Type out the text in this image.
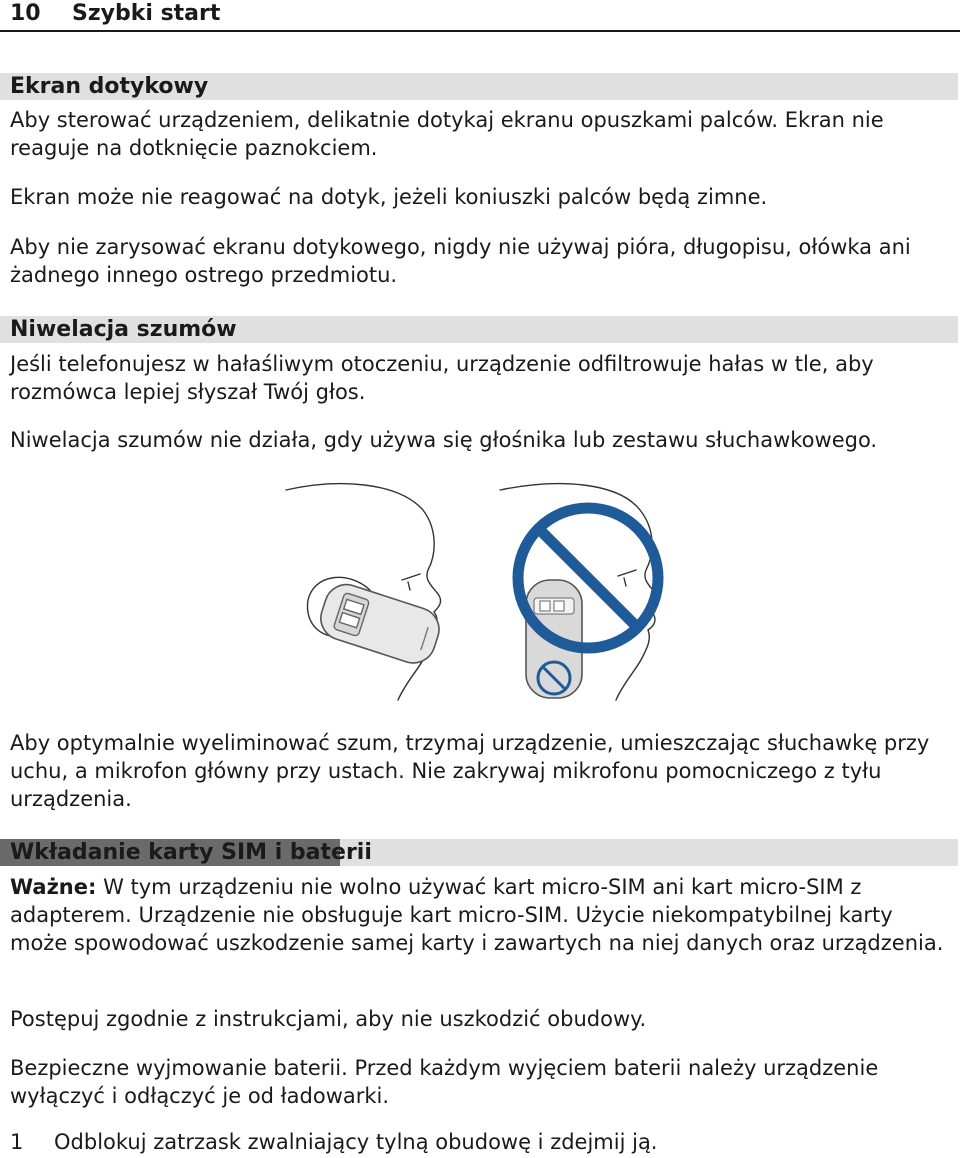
10 Szybki start
Ekran dotykowy

Aby sterować urządzeniem, delikatnie dotykaj ekranu opuszkami palców. Ekran nie reaguje na dotknięcie paznokciem.

Ekran może nie reagować na dotyk, jeżeli koniuszki palców będą zimne.

Aby nie zarysować ekranu dotykowego, nigdy nie używaj pióra, długopisu, ołówka ani żadnego innego ostrego przedmiotu.

Niwelacja szumów

Jeśli telefonujesz w hałaśliwym otoczeniu, urządzenie odfiltrowuje hałas w tle, aby rozmówca lepiej słyszał Twój głos.

Niwelacja szumów nie działa, gdy używa się głośnika lub zestawu słuchawkowego.

Aby optymalnie wyeliminować szum, trzymaj urządzenie, umieszczając słuchawkę przy uchu, a mikrofon główny przy ustach. Nie zakrywaj mikrofonu pomocniczego z tyłu urządzenia.

Wkładanie karty SIM i baterii

Ważne: W tym urządzeniu nie wolno używać kart micro-SIM ani kart micro-SIM z adapterem. Urządzenie nie obsługuje kart micro-SIM. Użycie niekompatybilnej karty może spowodować uszkodzenie samej karty i zawartych na niej danych oraz urządzenia.

Postępuj zgodnie z instrukcjami, aby nie uszkodzić obudowy.

Bezpieczne wyjmowanie baterii. Przed każdym wyjęciem baterii należy urządzenie wyłączyć i odłączyć je od ładowarki.

1 Odblokuj zatrzask zwalniający tylną obudowę i zdejmij ją.
